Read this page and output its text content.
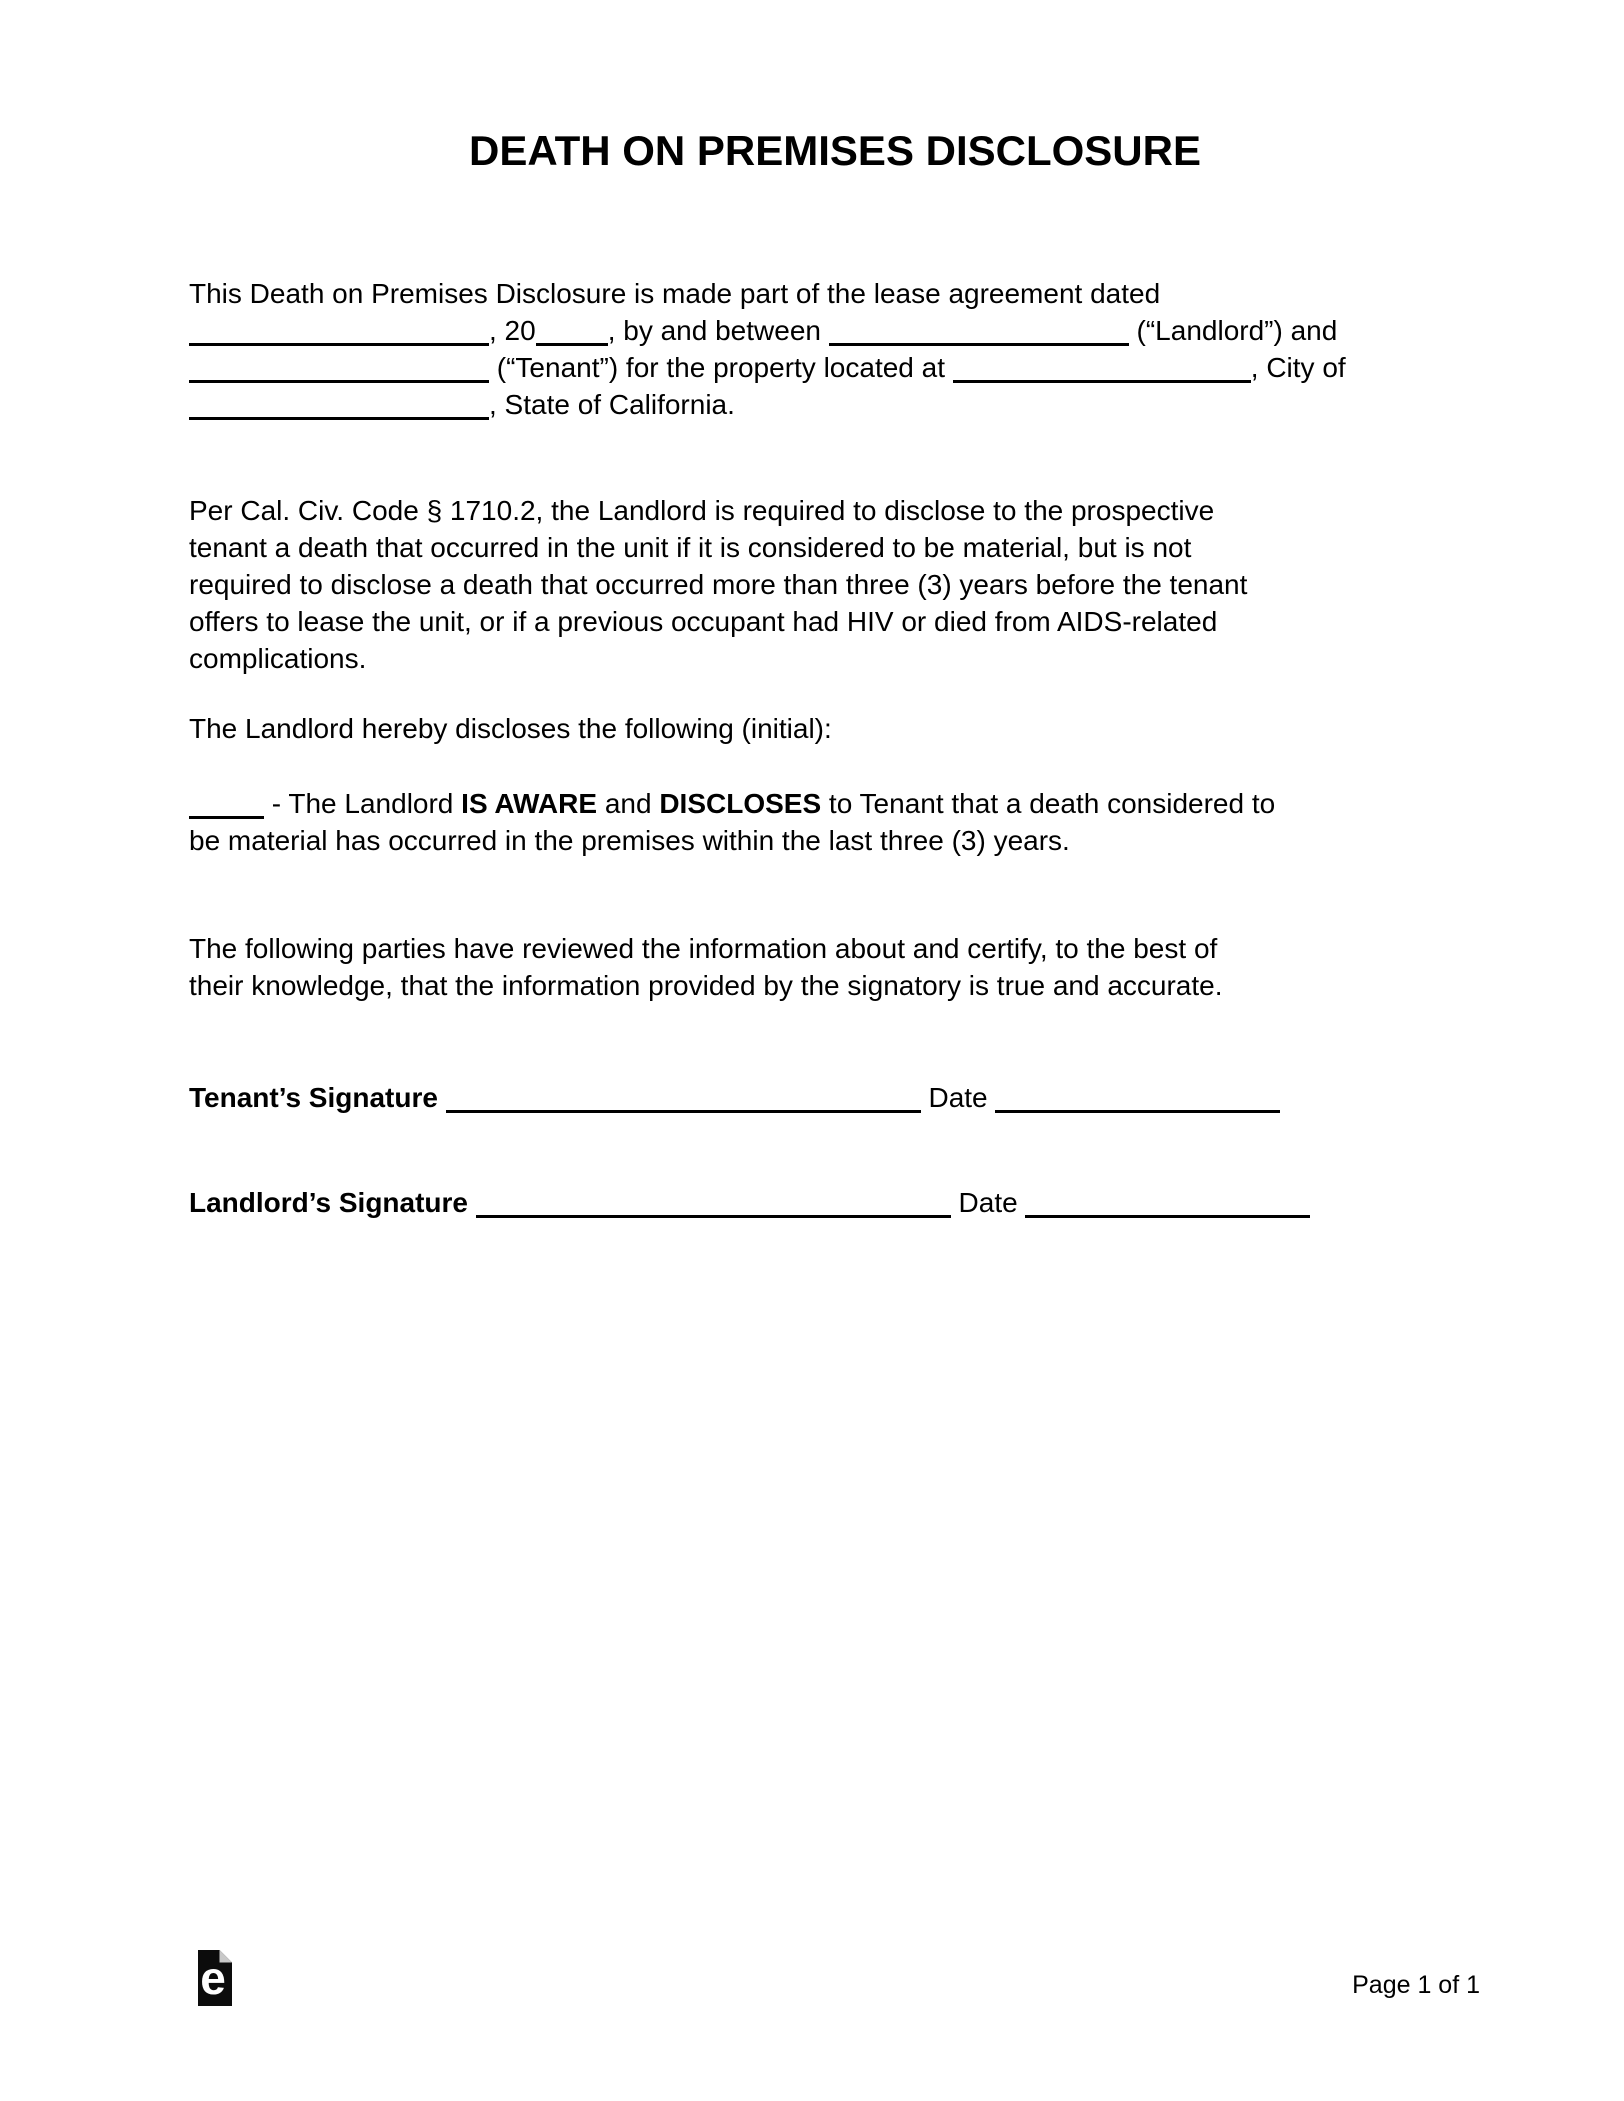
DEATH ON PREMISES DISCLOSURE
This Death on Premises Disclosure is made part of the lease agreement dated
, 20	, by and between	(“Landlord”) and
(“Tenant”) for the property located at	, City of
, State of California.
Per Cal. Civ. Code § 1710.2, the Landlord is required to disclose to the prospective
tenant a death that occurred in the unit if it is considered to be material, but is not
required to disclose a death that occurred more than three (3) years before the tenant
offers to lease the unit, or if a previous occupant had HIV or died from AIDS-related
complications.
The Landlord hereby discloses the following (initial):
- The Landlord IS AWARE and DISCLOSES to Tenant that a death considered to
be material has occurred in the premises within the last three (3) years.
The following parties have reviewed the information about and certify, to the best of
their knowledge, that the information provided by the signatory is true and accurate.
Tenant’s Signature	Date
Landlord’s Signature	Date
e	Page 1 of 1
